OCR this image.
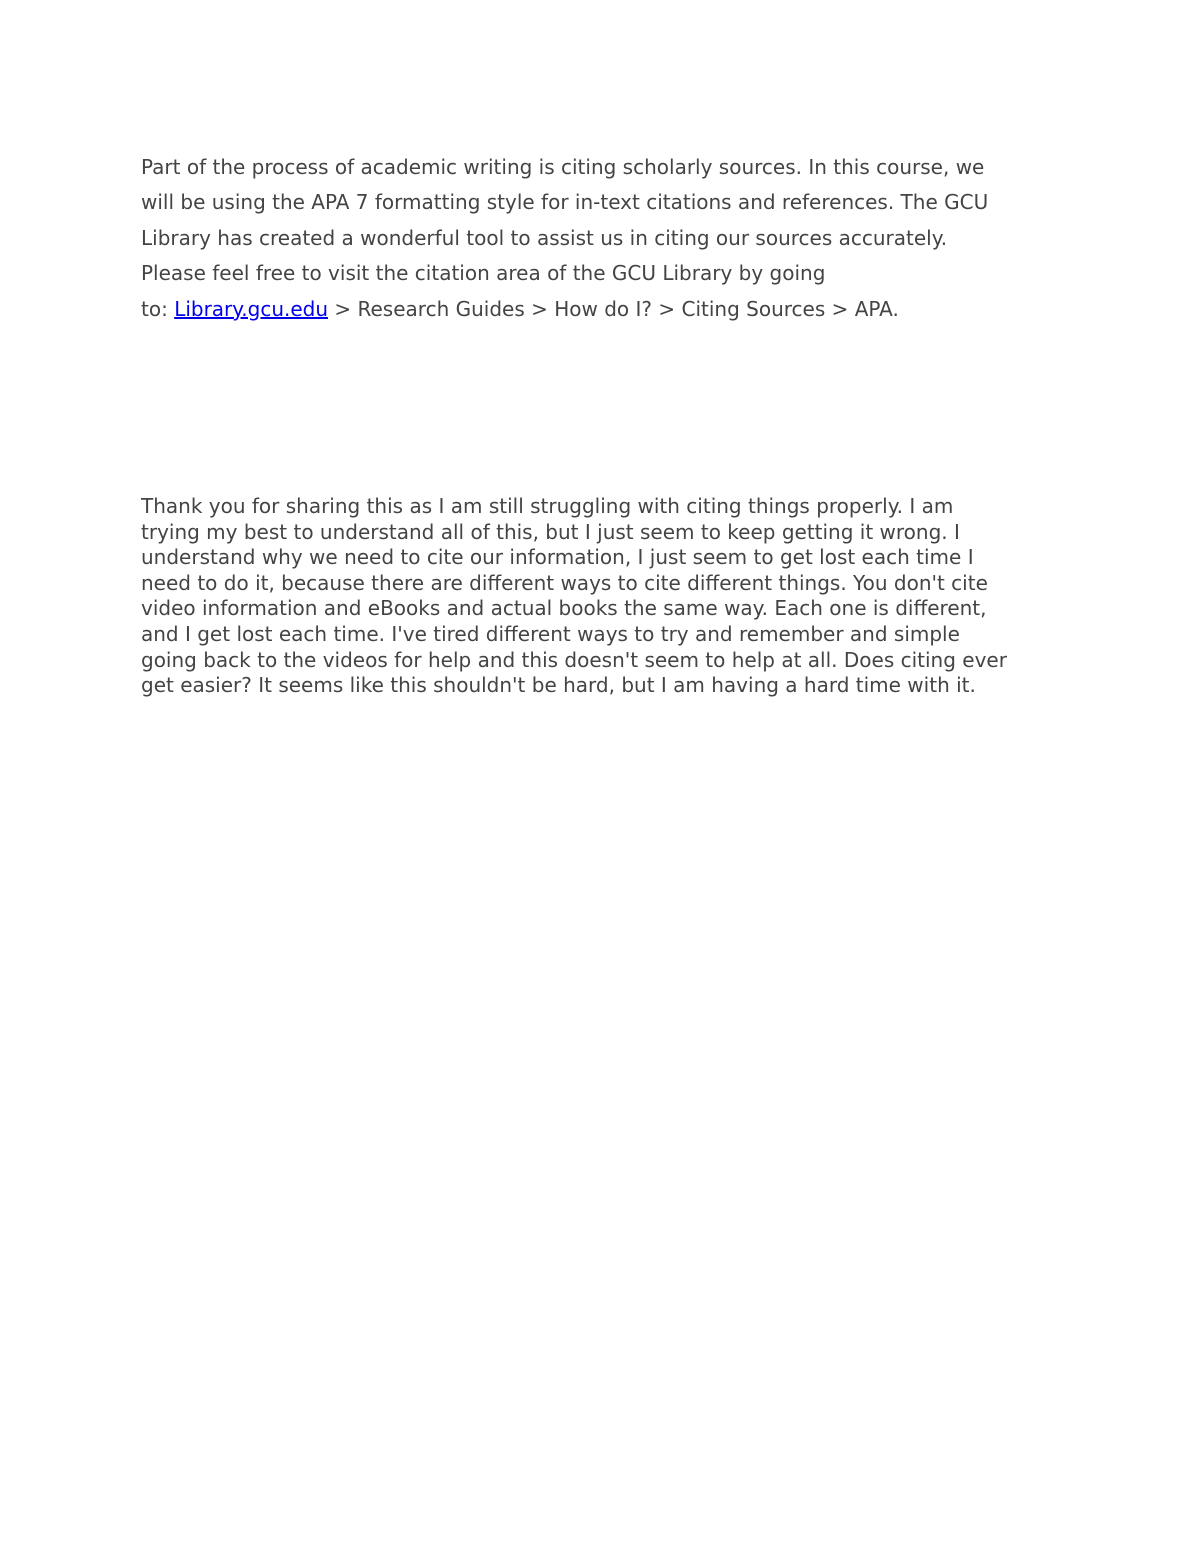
Part of the process of academic writing is citing scholarly sources. In this course, we
will be using the APA 7 formatting style for in-text citations and references. The GCU
Library has created a wonderful tool to assist us in citing our sources accurately.
Please feel free to visit the citation area of the GCU Library by going
to: Library.gcu.edu > Research Guides > How do I? > Citing Sources > APA.

Thank you for sharing this as I am still struggling with citing things properly. I am
trying my best to understand all of this, but I just seem to keep getting it wrong. I
understand why we need to cite our information, I just seem to get lost each time I
need to do it, because there are different ways to cite different things. You don't cite
video information and eBooks and actual books the same way. Each one is different,
and I get lost each time. I've tired different ways to try and remember and simple
going back to the videos for help and this doesn't seem to help at all. Does citing ever
get easier? It seems like this shouldn't be hard, but I am having a hard time with it.
